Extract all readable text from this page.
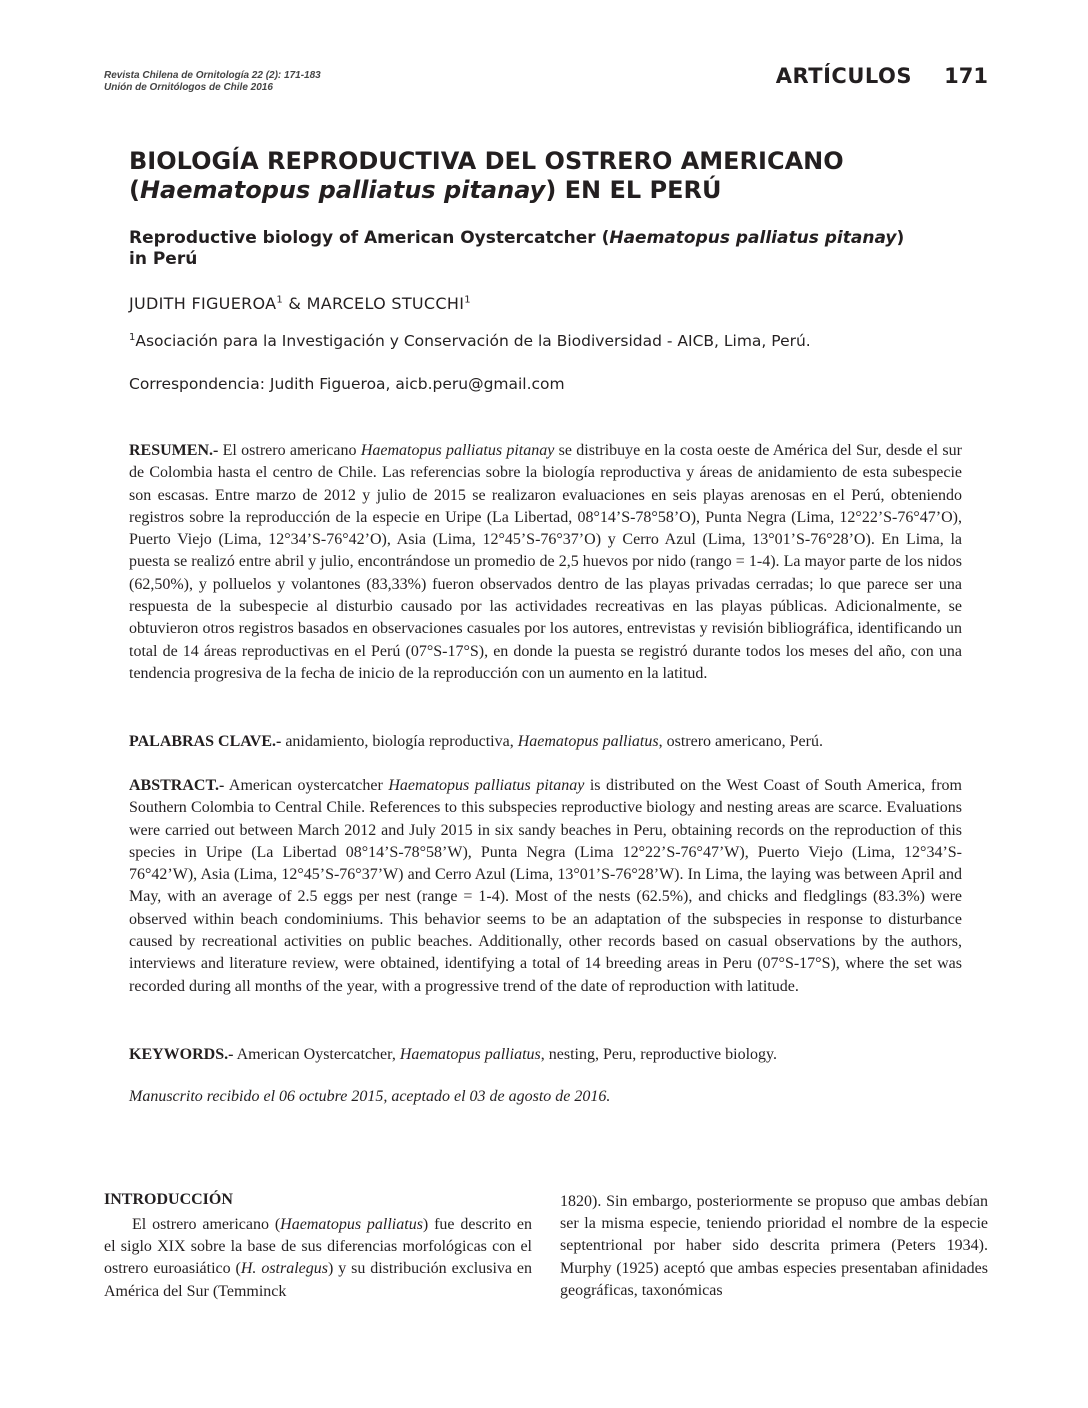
Revista Chilena de Ornitología 22 (2): 171-183
Unión de Ornitólogos de Chile 2016	ARTÍCULOS 171
BIOLOGÍA REPRODUCTIVA DEL OSTRERO AMERICANO
(Haematopus palliatus pitanay) EN EL PERÚ
Reproductive biology of American Oystercatcher (Haematopus palliatus pitanay)
in Perú
JUDITH FIGUEROA$^1$ & MARCELO STUCCHI$^1$
$^1$Asociación para la Investigación y Conservación de la Biodiversidad - AICB, Lima, Perú.
Correspondencia: Judith Figueroa, aicb.peru@gmail.com

RESUMEN.- El ostrero americano Haematopus palliatus pitanay se distribuye en la costa oeste de América del Sur, desde el sur de Colombia hasta el centro de Chile. Las referencias sobre la biología reproductiva y áreas de anidamiento de esta subespecie son escasas. Entre marzo de 2012 y julio de 2015 se realizaron evaluaciones en seis playas arenosas en el Perú, obteniendo registros sobre la reproducción de la especie en Uripe (La Libertad, 08°14’S-78°58’O), Punta Negra (Lima, 12°22’S-76°47’O), Puerto Viejo (Lima, 12°34’S-76°42’O), Asia (Lima, 12°45’S-76°37’O) y Cerro Azul (Lima, 13°01’S-76°28’O). En Lima, la puesta se realizó entre abril y julio, encontrándose un promedio de 2,5 huevos por nido (rango = 1-4). La mayor parte de los nidos (62,50%), y polluelos y volantones (83,33%) fueron observados dentro de las playas privadas cerradas; lo que parece ser una respuesta de la subespecie al disturbio causado por las actividades recreativas en las playas públicas. Adicionalmente, se obtuvieron otros registros basados en observaciones casuales por los autores, entrevistas y revisión bibliográfica, identificando un total de 14 áreas reproductivas en el Perú (07°S-17°S), en donde la puesta se registró durante todos los meses del año, con una tendencia progresiva de la fecha de inicio de la reproducción con un aumento en la latitud.

PALABRAS CLAVE.- anidamiento, biología reproductiva, Haematopus palliatus, ostrero americano, Perú.

ABSTRACT.- American oystercatcher Haematopus palliatus pitanay is distributed on the West Coast of South America, from Southern Colombia to Central Chile. References to this subspecies reproductive biology and nesting areas are scarce. Evaluations were carried out between March 2012 and July 2015 in six sandy beaches in Peru, obtaining records on the reproduction of this species in Uripe (La Libertad 08°14’S-78°58’W), Punta Negra (Lima 12°22’S-76°47’W), Puerto Viejo (Lima, 12°34’S-76°42’W), Asia (Lima, 12°45’S-76°37’W) and Cerro Azul (Lima, 13°01’S-76°28’W). In Lima, the laying was between April and May, with an average of 2.5 eggs per nest (range = 1-4). Most of the nests (62.5%), and chicks and fledglings (83.3%) were observed within beach condominiums. This behavior seems to be an adaptation of the subspecies in response to disturbance caused by recreational activities on public beaches. Additionally, other records based on casual observations by the authors, interviews and literature review, were obtained, identifying a total of 14 breeding areas in Peru (07°S-17°S), where the set was recorded during all months of the year, with a progressive trend of the date of reproduction with latitude.

KEYWORDS.- American Oystercatcher, Haematopus palliatus, nesting, Peru, reproductive biology.

Manuscrito recibido el 06 octubre 2015, aceptado el 03 de agosto de 2016.
INTRODUCCIÓN

El ostrero americano (Haematopus palliatus) fue descrito en el siglo XIX sobre la base de sus diferencias morfológicas con el ostrero euroasiático (H. ostralegus) y su distribución exclusiva en América del Sur (Temminck

1820). Sin embargo, posteriormente se propuso que ambas debían ser la misma especie, teniendo prioridad el nombre de la especie septentrional por haber sido descrita primera (Peters 1934). Murphy (1925) aceptó que ambas especies presentaban afinidades geográficas, taxonómicas
